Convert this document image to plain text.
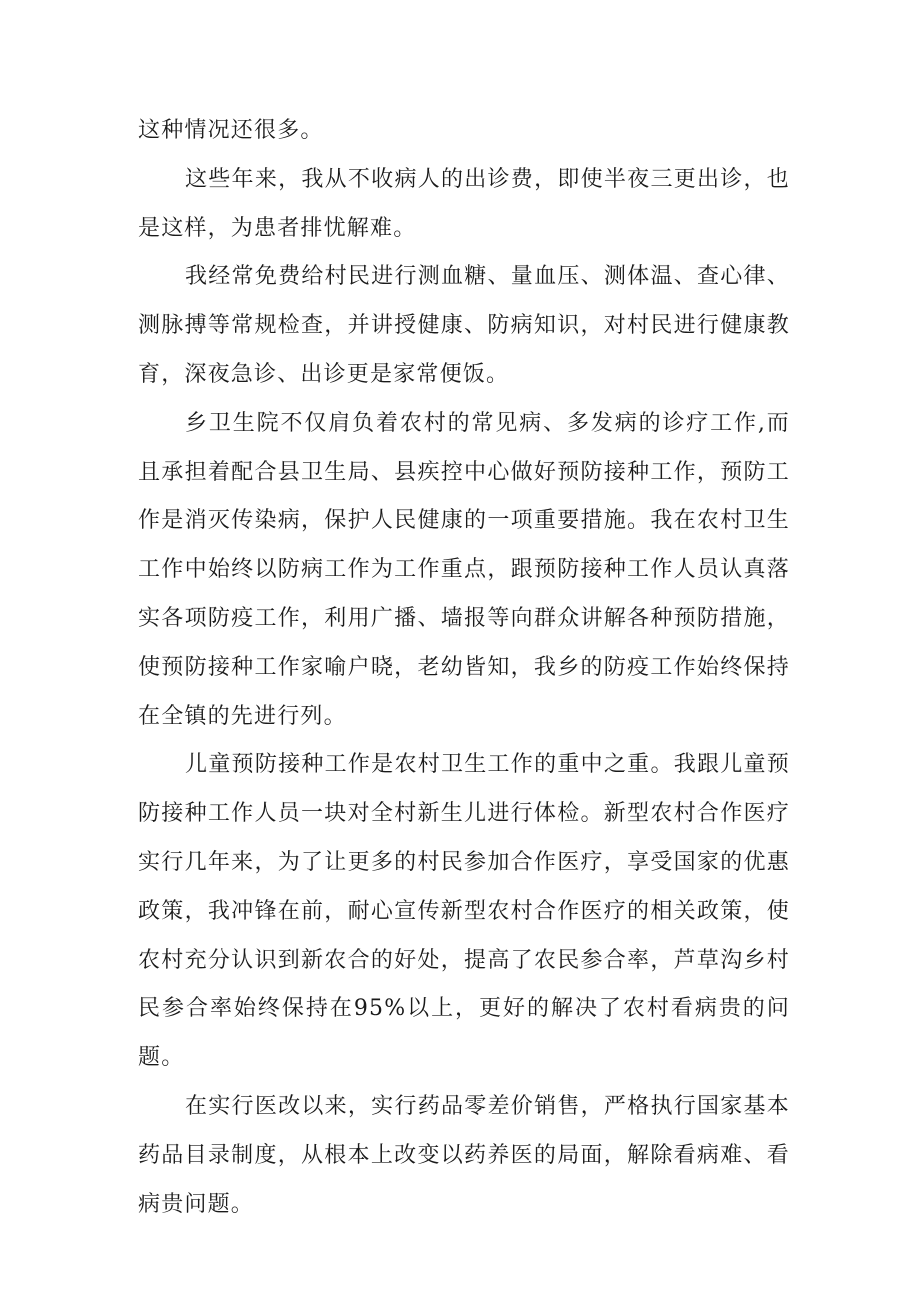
这种情况还很多。

这些年来，我从不收病人的出诊费，即使半夜三更出诊，也是这样，为患者排忧解难。

我经常免费给村民进行测血糖、量血压、测体温、查心律、测脉搏等常规检查，并讲授健康、防病知识，对村民进行健康教育，深夜急诊、出诊更是家常便饭。

乡卫生院不仅肩负着农村的常见病、多发病的诊疗工作,而且承担着配合县卫生局、县疾控中心做好预防接种工作，预防工作是消灭传染病，保护人民健康的一项重要措施。我在农村卫生工作中始终以防病工作为工作重点，跟预防接种工作人员认真落实各项防疫工作，利用广播、墙报等向群众讲解各种预防措施，使预防接种工作家喻户晓，老幼皆知，我乡的防疫工作始终保持在全镇的先进行列。

儿童预防接种工作是农村卫生工作的重中之重。我跟儿童预防接种工作人员一块对全村新生儿进行体检。新型农村合作医疗实行几年来，为了让更多的村民参加合作医疗，享受国家的优惠政策，我冲锋在前，耐心宣传新型农村合作医疗的相关政策，使农村充分认识到新农合的好处，提高了农民参合率，芦草沟乡村民参合率始终保持在95%以上，更好的解决了农村看病贵的问题。

在实行医改以来，实行药品零差价销售，严格执行国家基本药品目录制度，从根本上改变以药养医的局面，解除看病难、看病贵问题。
